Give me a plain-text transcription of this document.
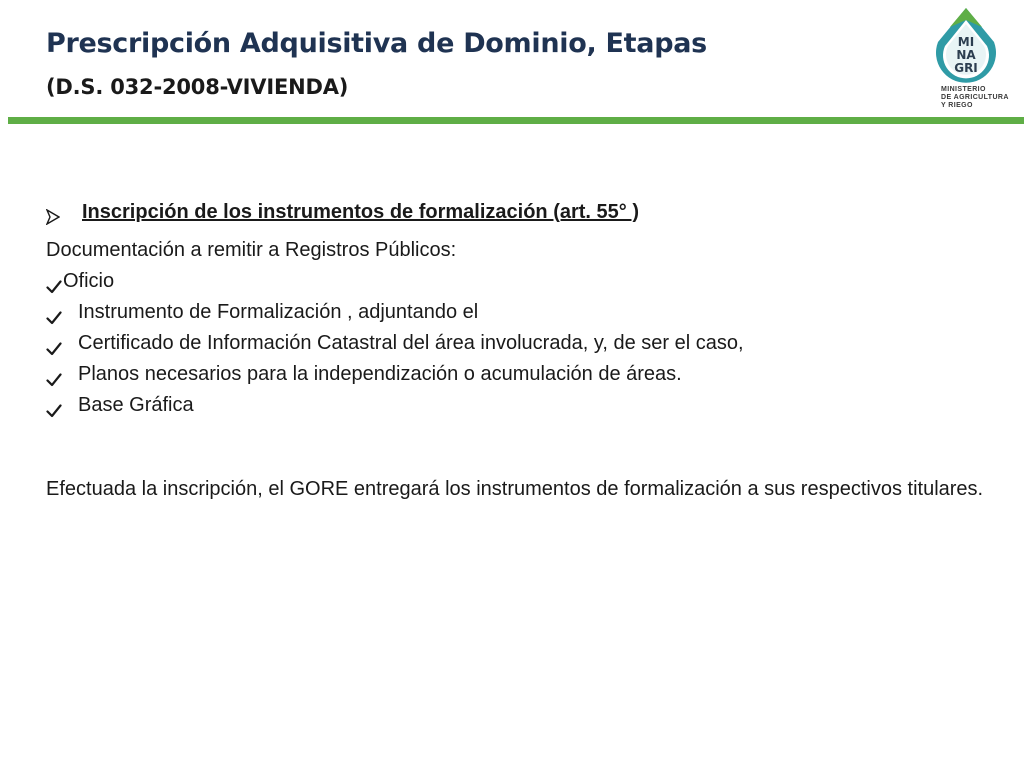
Prescripción Adquisitiva de Dominio, Etapas
(D.S. 032-2008-VIVIENDA)
MI
NA
GRI
MINISTERIO
DE AGRICULTURA
Y RIEGO
Inscripción de los instrumentos de formalización (art. 55° )

Documentación a remitir a Registros Públicos:

Oficio
Instrumento de Formalización , adjuntando el
Certificado de Información Catastral del área involucrada, y, de ser el caso,
Planos necesarios para la independización o acumulación de áreas.
Base Gráfica

Efectuada la inscripción, el GORE entregará los instrumentos de formalización a sus respectivos titulares.
